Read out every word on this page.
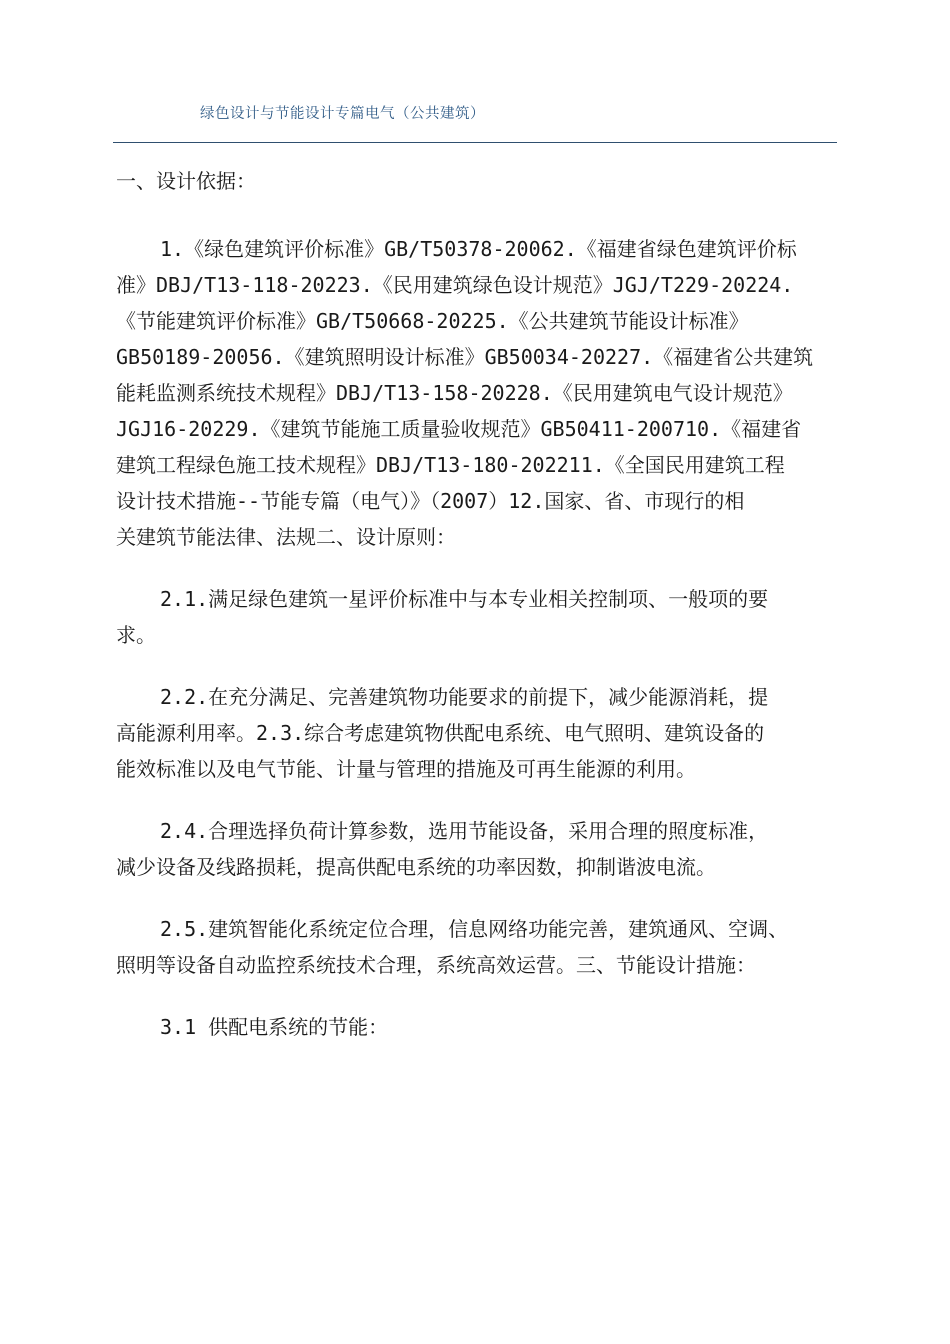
绿色设计与节能设计专篇电气（公共建筑）
一、设计依据：
1.《绿色建筑评价标准》GB/T50378-20062.《福建省绿色建筑评价标
准》DBJ/T13-118-20223.《民用建筑绿色设计规范》JGJ/T229-20224.
《节能建筑评价标准》GB/T50668-20225.《公共建筑节能设计标准》
GB50189-20056.《建筑照明设计标准》GB50034-20227.《福建省公共建筑
能耗监测系统技术规程》DBJ/T13-158-20228.《民用建筑电气设计规范》
JGJ16-20229.《建筑节能施工质量验收规范》GB50411-200710.《福建省
建筑工程绿色施工技术规程》DBJ/T13-180-202211.《全国民用建筑工程
设计技术措施--节能专篇（电气）》（2007）12.国家、省、市现行的相
关建筑节能法律、法规二、设计原则：
2.1.满足绿色建筑一星评价标准中与本专业相关控制项、一般项的要
求。
2.2.在充分满足、完善建筑物功能要求的前提下，减少能源消耗，提
高能源利用率。2.3.综合考虑建筑物供配电系统、电气照明、建筑设备的
能效标准以及电气节能、计量与管理的措施及可再生能源的利用。
2.4.合理选择负荷计算参数，选用节能设备，采用合理的照度标准，
减少设备及线路损耗，提高供配电系统的功率因数，抑制谐波电流。
2.5.建筑智能化系统定位合理，信息网络功能完善，建筑通风、空调、
照明等设备自动监控系统技术合理，系统高效运营。三、节能设计措施：
3.1 供配电系统的节能：
